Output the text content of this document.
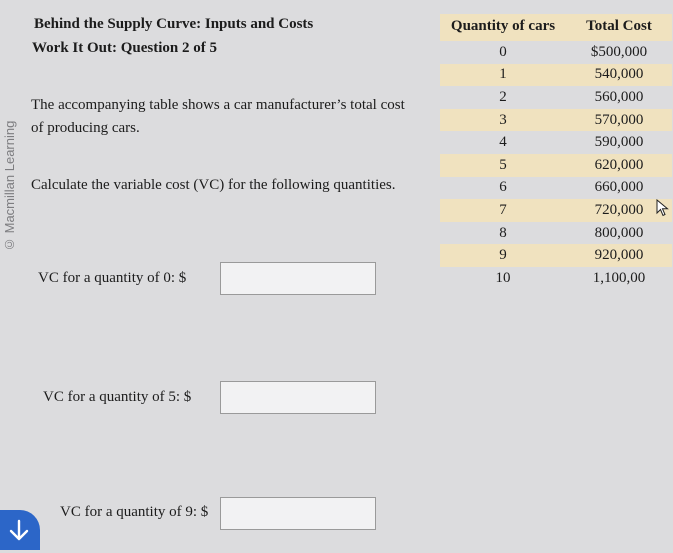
Behind the Supply Curve: Inputs and Costs
Work It Out: Question 2 of 5
© Macmillan Learning
The accompanying table shows a car manufacturer’s total cost
of producing cars.
Calculate the variable cost (VC) for the following quantities.
Quantity of cars	Total Cost
0	$500,000
1	540,000
2	560,000
3	570,000
4	590,000
5	620,000
6	660,000
7	720,000
8	800,000
9	920,000
10	1,100,00
VC for a quantity of 0: $
VC for a quantity of 5: $
VC for a quantity of 9: $
